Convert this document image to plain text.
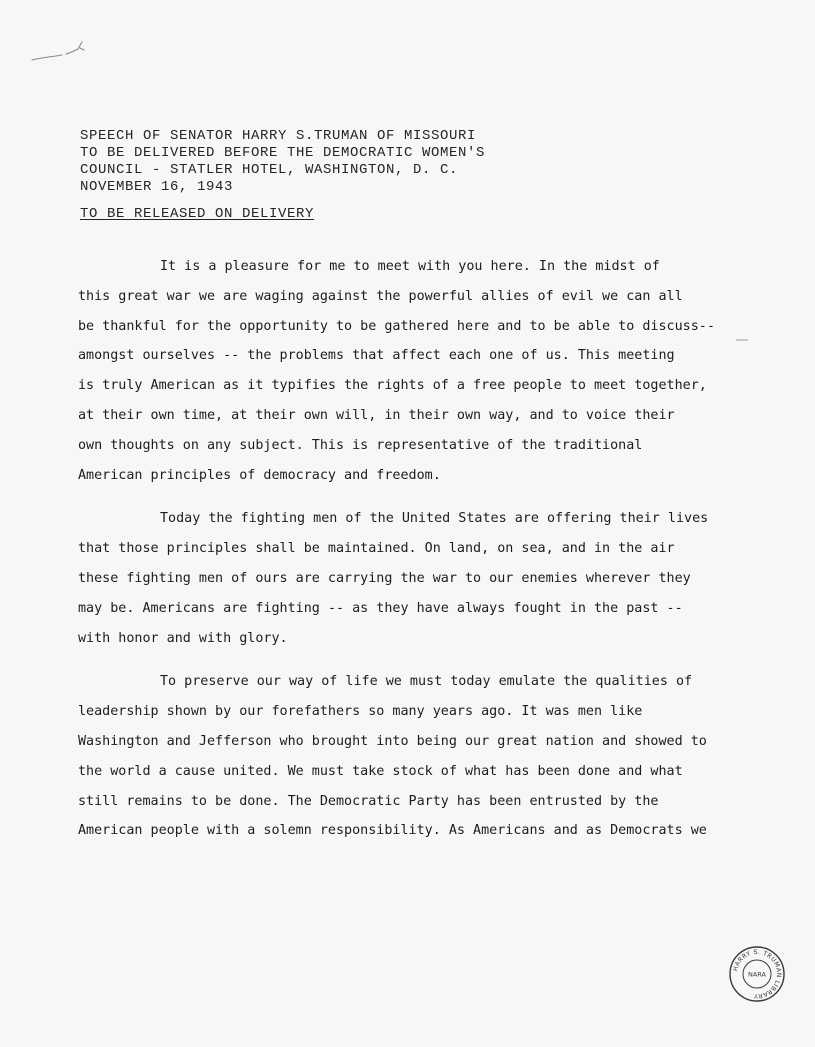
SPEECH OF SENATOR HARRY S.TRUMAN OF MISSOURI
TO BE DELIVERED BEFORE THE DEMOCRATIC WOMEN'S
COUNCIL - STATLER HOTEL, WASHINGTON, D. C.
NOVEMBER 16, 1943
TO BE RELEASED ON DELIVERY
It is a pleasure for me to meet with you here. In the midst of
this great war we are waging against the powerful allies of evil we can all
be thankful for the opportunity to be gathered here and to be able to discuss--
amongst ourselves -- the problems that affect each one of us. This meeting
is truly American as it typifies the rights of a free people to meet together,
at their own time, at their own will, in their own way, and to voice their
own thoughts on any subject. This is representative of the traditional
American principles of democracy and freedom.
Today the fighting men of the United States are offering their lives
that those principles shall be maintained. On land, on sea, and in the air
these fighting men of ours are carrying the war to our enemies wherever they
may be. Americans are fighting -- as they have always fought in the past --
with honor and with glory.
To preserve our way of life we must today emulate the qualities of
leadership shown by our forefathers so many years ago. It was men like
Washington and Jefferson who brought into being our great nation and showed to
the world a cause united. We must take stock of what has been done and what
still remains to be done. The Democratic Party has been entrusted by the
American people with a solemn responsibility. As Americans and as Democrats we
HARRY S. TRUMAN LIBRARY
NARA
